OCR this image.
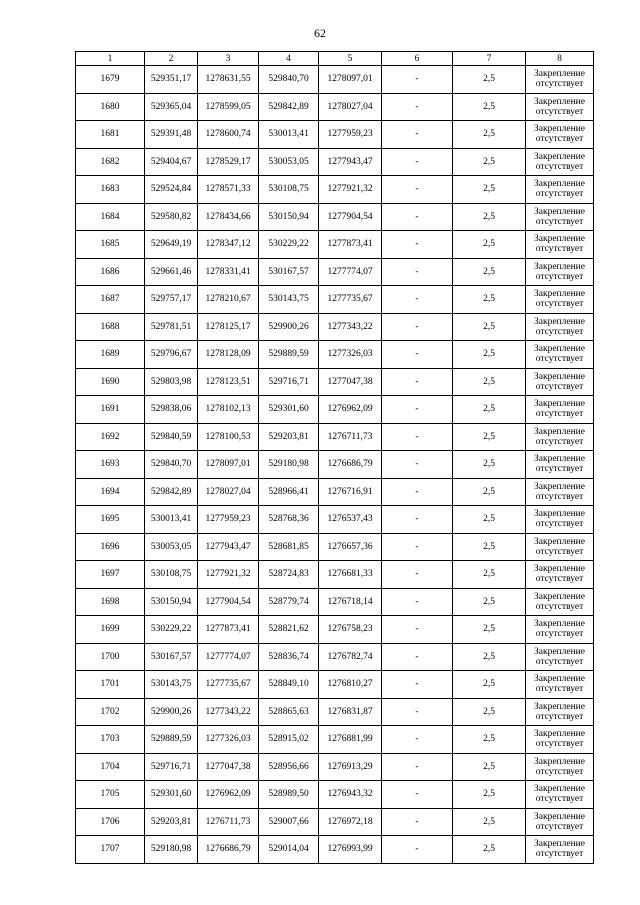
62
1	2	3	4	5	6	7	8
1679	529351,17	1278631,55	529840,70	1278097,01	-	2,5	Закрепление отсутствует
1680	529365,04	1278599,05	529842,89	1278027,04	-	2,5	Закрепление отсутствует
1681	529391,48	1278600,74	530013,41	1277959,23	-	2,5	Закрепление отсутствует
1682	529404,67	1278529,17	530053,05	1277943,47	-	2,5	Закрепление отсутствует
1683	529524,84	1278571,33	530108,75	1277921,32	-	2,5	Закрепление отсутствует
1684	529580,82	1278434,66	530150,94	1277904,54	-	2,5	Закрепление отсутствует
1685	529649,19	1278347,12	530229,22	1277873,41	-	2,5	Закрепление отсутствует
1686	529661,46	1278331,41	530167,57	1277774,07	-	2,5	Закрепление отсутствует
1687	529757,17	1278210,67	530143,75	1277735,67	-	2,5	Закрепление отсутствует
1688	529781,51	1278125,17	529900,26	1277343,22	-	2,5	Закрепление отсутствует
1689	529796,67	1278128,09	529889,59	1277326,03	-	2,5	Закрепление отсутствует
1690	529803,98	1278123,51	529716,71	1277047,38	-	2,5	Закрепление отсутствует
1691	529838,06	1278102,13	529301,60	1276962,09	-	2,5	Закрепление отсутствует
1692	529840,59	1278100,53	529203,81	1276711,73	-	2,5	Закрепление отсутствует
1693	529840,70	1278097,01	529180,98	1276686,79	-	2,5	Закрепление отсутствует
1694	529842,89	1278027,04	528966,41	1276716,91	-	2,5	Закрепление отсутствует
1695	530013,41	1277959,23	528768,36	1276537,43	-	2,5	Закрепление отсутствует
1696	530053,05	1277943,47	528681,85	1276657,36	-	2,5	Закрепление отсутствует
1697	530108,75	1277921,32	528724,83	1276681,33	-	2,5	Закрепление отсутствует
1698	530150,94	1277904,54	528779,74	1276718,14	-	2,5	Закрепление отсутствует
1699	530229,22	1277873,41	528821,62	1276758,23	-	2,5	Закрепление отсутствует
1700	530167,57	1277774,07	528836,74	1276782,74	-	2,5	Закрепление отсутствует
1701	530143,75	1277735,67	528849,10	1276810,27	-	2,5	Закрепление отсутствует
1702	529900,26	1277343,22	528865,63	1276831,87	-	2,5	Закрепление отсутствует
1703	529889,59	1277326,03	528915,02	1276881,99	-	2,5	Закрепление отсутствует
1704	529716,71	1277047,38	528956,66	1276913,29	-	2,5	Закрепление отсутствует
1705	529301,60	1276962,09	528989,50	1276943,32	-	2,5	Закрепление отсутствует
1706	529203,81	1276711,73	529007,66	1276972,18	-	2,5	Закрепление отсутствует
1707	529180,98	1276686,79	529014,04	1276993,99	-	2,5	Закрепление отсутствует
